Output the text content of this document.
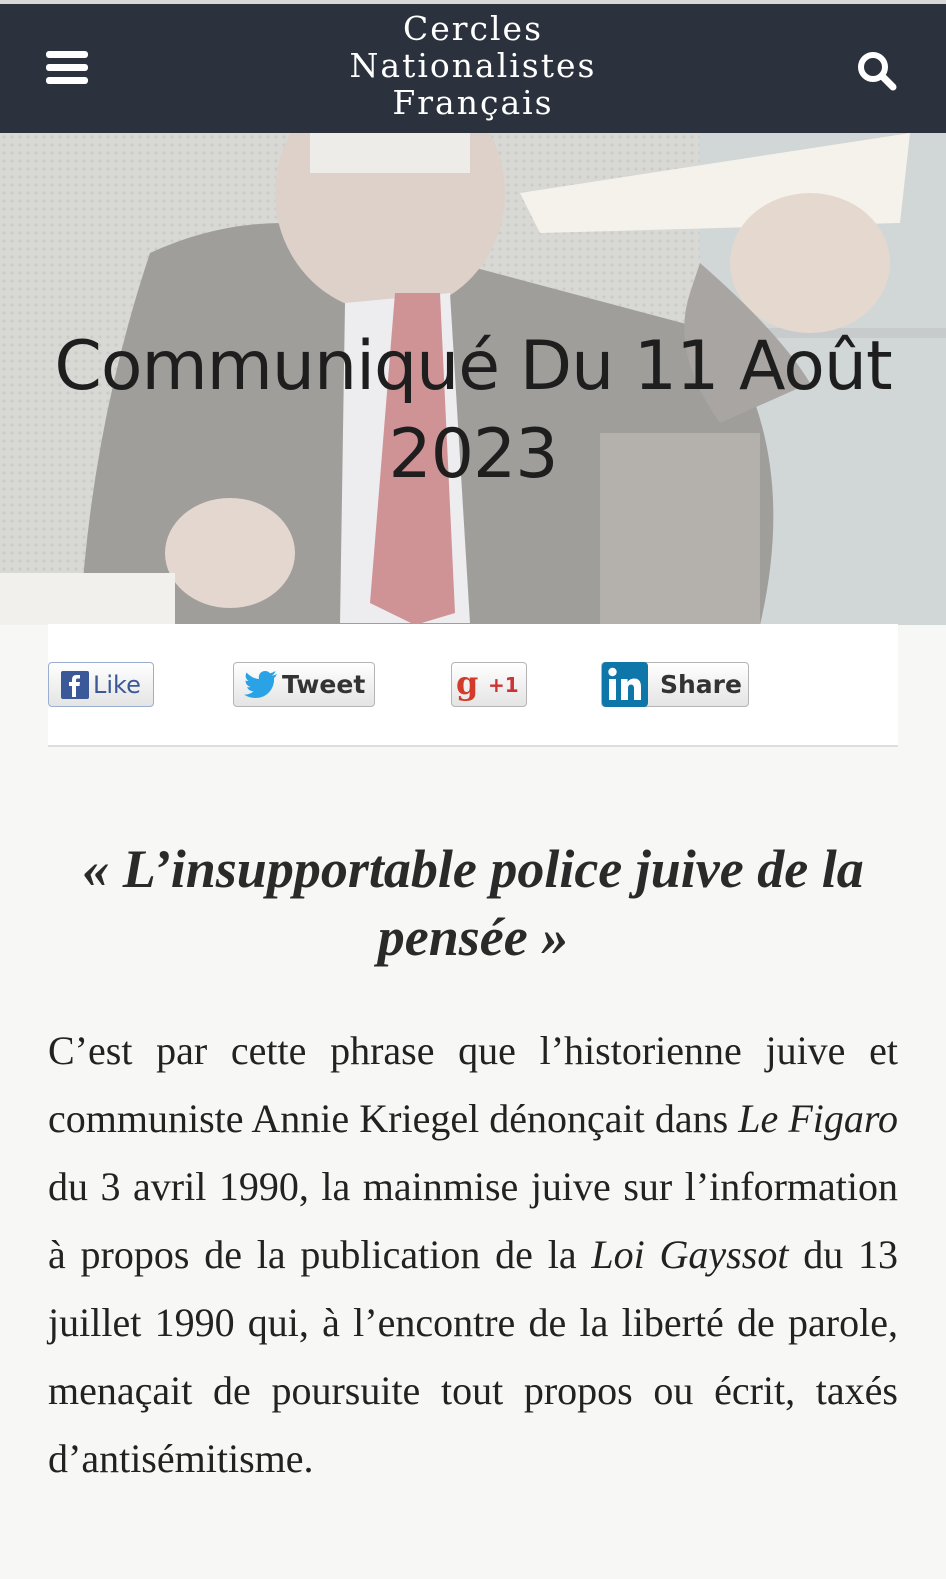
Cercles
Nationalistes
Français
Communiqué Du 11 Août 2023
Like	Tweet	g +1	Share
« L’insupportable police juive de la pensée »

C’est par cette phrase que l’historienne juive et communiste Annie Kriegel dénonçait dans Le Figaro du 3 avril 1990, la mainmise juive sur l’information à propos de la publication de la Loi Gayssot du 13 juillet 1990 qui, à l’encontre de la liberté de parole, menaçait de poursuite tout propos ou écrit, taxés d’antisémitisme.
